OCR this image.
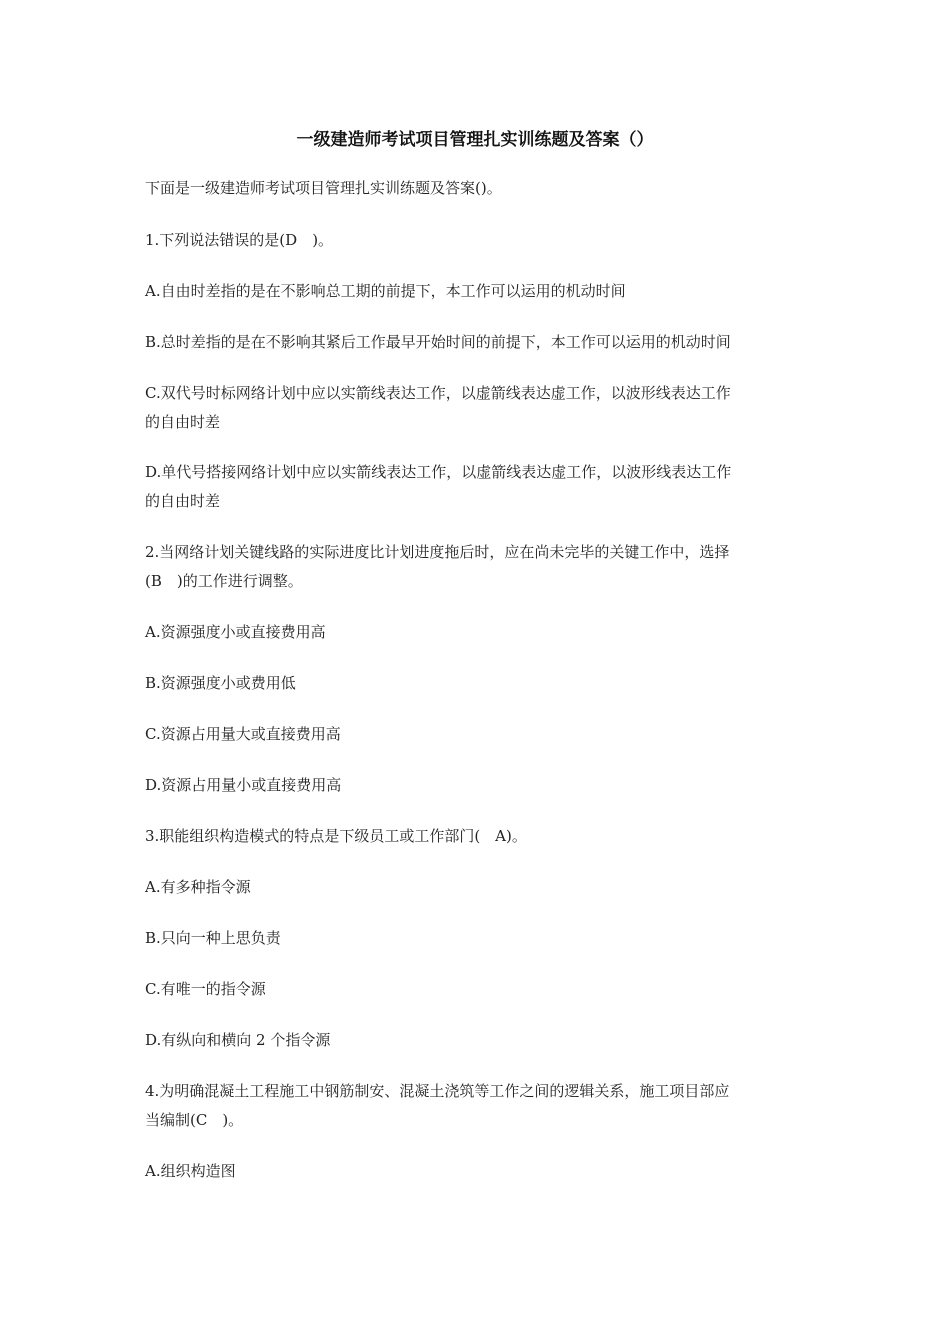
一级建造师考试项目管理扎实训练题及答案（）
下面是一级建造师考试项目管理扎实训练题及答案()。
1.下列说法错误的是(D　)。
A.自由时差指的是在不影响总工期的前提下，本工作可以运用的机动时间
B.总时差指的是在不影响其紧后工作最早开始时间的前提下，本工作可以运用的机动时间
C.双代号时标网络计划中应以实箭线表达工作，以虚箭线表达虚工作，以波形线表达工作
的自由时差
D.单代号搭接网络计划中应以实箭线表达工作，以虚箭线表达虚工作，以波形线表达工作
的自由时差
2.当网络计划关键线路的实际进度比计划进度拖后时，应在尚未完毕的关键工作中，选择
(B　)的工作进行调整。
A.资源强度小或直接费用高
B.资源强度小或费用低
C.资源占用量大或直接费用高
D.资源占用量小或直接费用高
3.职能组织构造模式的特点是下级员工或工作部门(　A)。
A.有多种指令源
B.只向一种上思负责
C.有唯一的指令源
D.有纵向和横向 2 个指令源
4.为明确混凝土工程施工中钢筋制安、混凝土浇筑等工作之间的逻辑关系，施工项目部应
当编制(C　)。
A.组织构造图
